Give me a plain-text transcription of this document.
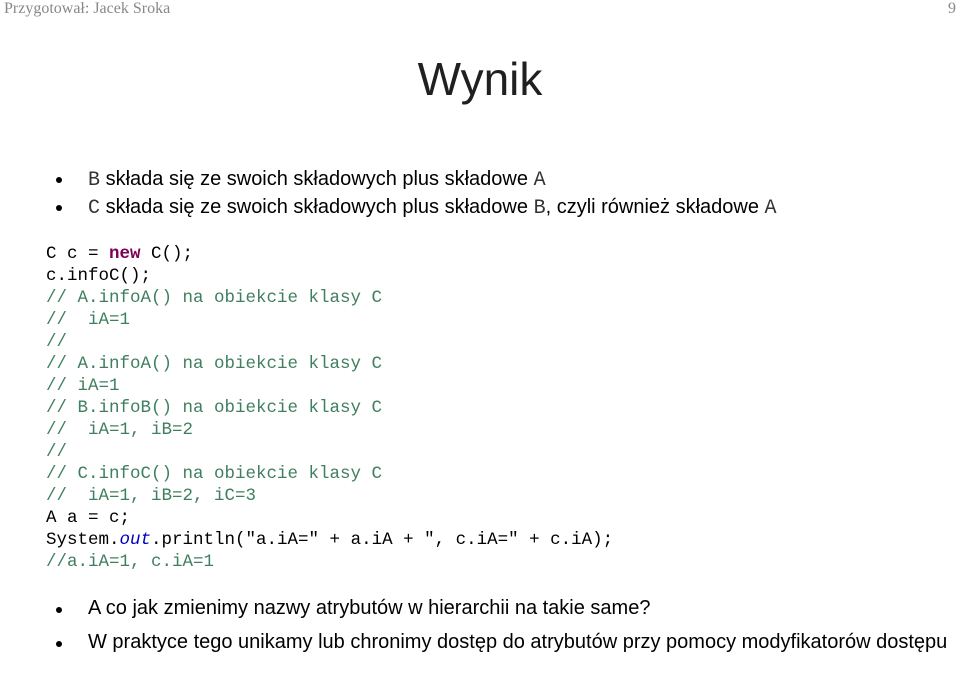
Przygotował: Jacek Sroka	9
Wynik
B składa się ze swoich składowych plus składowe A
C składa się ze swoich składowych plus składowe B, czyli również składowe A
C c = new C();
c.infoC();
// A.infoA() na obiekcie klasy C
//  iA=1
//
// A.infoA() na obiekcie klasy C
// iA=1
// B.infoB() na obiekcie klasy C
//  iA=1, iB=2
//
// C.infoC() na obiekcie klasy C
//  iA=1, iB=2, iC=3
A a = c;
System.out.println("a.iA=" + a.iA + ", c.iA=" + c.iA);
//a.iA=1, c.iA=1
A co jak zmienimy nazwy atrybutów w hierarchii na takie same?
W praktyce tego unikamy lub chronimy dostęp do atrybutów przy pomocy modyfikatorów dostępu
